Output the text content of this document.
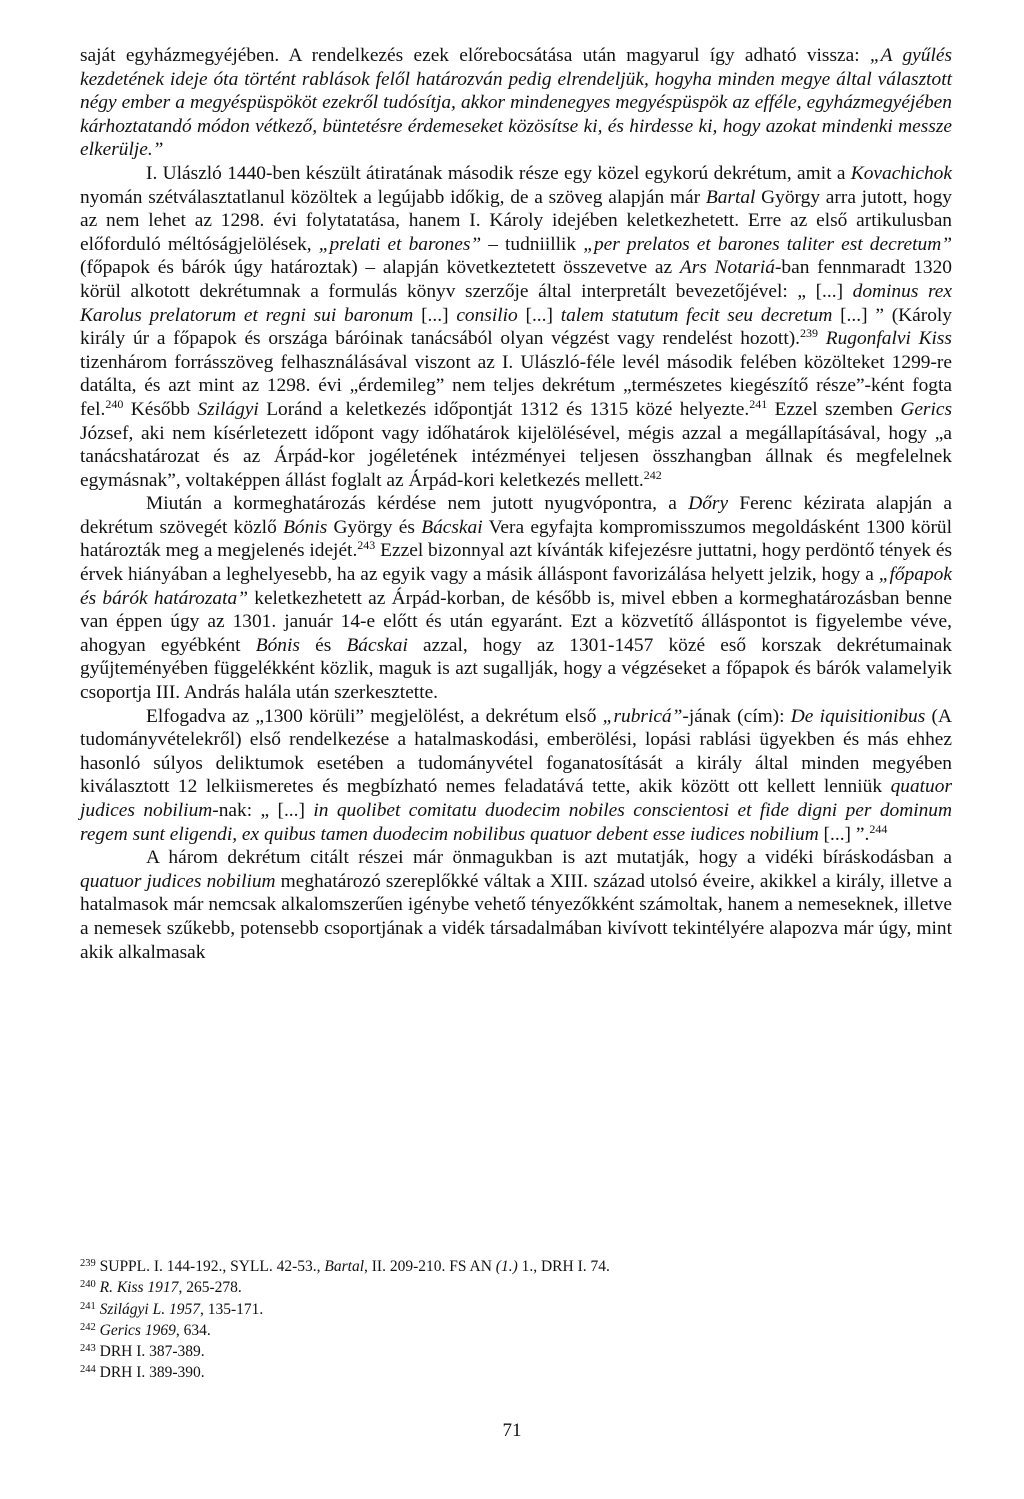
saját egyházmegyéjében. A rendelkezés ezek előrebocsátása után magyarul így adható vissza: „A gyűlés kezdetének ideje óta történt rablások felől határozván pedig elrendeljük, hogyha minden megye által választott négy ember a megyéspüspököt ezekről tudósítja, akkor mindenegyes megyéspüspök az efféle, egyházmegyéjében kárhoztatandó módon vétkező, büntetésre érdemeseket közösítse ki, és hirdesse ki, hogy azokat mindenki messze elkerülje.”

I. Ulászló 1440-ben készült átiratának második része egy közel egykorú dekrétum, amit a Kovachichok nyomán szétválasztatlanul közöltek a legújabb időkig, de a szöveg alapján már Bartal György arra jutott, hogy az nem lehet az 1298. évi folytatatása, hanem I. Károly idejében keletkezhetett. Erre az első artikulusban előforduló méltóságjelölések, „prelati et barones” – tudniillik „per prelatos et barones taliter est decretum” (főpapok és bárók úgy határoztak) – alapján következtetett összevetve az Ars Notariá-ban fennmaradt 1320 körül alkotott dekrétumnak a formulás könyv szerzője által interpretált bevezetőjével: „ [...] dominus rex Karolus prelatorum et regni sui baronum [...] consilio [...] talem statutum fecit seu decretum [...] ” (Károly király úr a főpapok és országa báróinak tanácsából olyan végzést vagy rendelést hozott).$^{239}$ Rugonfalvi Kiss tizenhárom forrásszöveg felhasználásával viszont az I. Ulászló-féle levél második felében közölteket 1299-re datálta, és azt mint az 1298. évi „érdemileg” nem teljes dekrétum „természetes kiegészítő része”-ként fogta fel.$^{240}$ Később Szilágyi Loránd a keletkezés időpontját 1312 és 1315 közé helyezte.$^{241}$ Ezzel szemben Gerics József, aki nem kísérletezett időpont vagy időhatárok kijelölésével, mégis azzal a megállapításával, hogy „a tanácshatározat és az Árpád-kor jogéletének intézményei teljesen összhangban állnak és megfelelnek egymásnak”, voltaképpen állást foglalt az Árpád-kori keletkezés mellett.$^{242}$

Miután a kormeghatározás kérdése nem jutott nyugvópontra, a Dőry Ferenc kézirata alapján a dekrétum szövegét közlő Bónis György és Bácskai Vera egyfajta kompromisszumos megoldásként 1300 körül határozták meg a megjelenés idejét.$^{243}$ Ezzel bizonnyal azt kívánták kifejezésre juttatni, hogy perdöntő tények és érvek hiányában a leghelyesebb, ha az egyik vagy a másik álláspont favorizálása helyett jelzik, hogy a „főpapok és bárók határozata” keletkezhetett az Árpád-korban, de később is, mivel ebben a kormeghatározásban benne van éppen úgy az 1301. január 14-e előtt és után egyaránt. Ezt a közvetítő álláspontot is figyelembe véve, ahogyan egyébként Bónis és Bácskai azzal, hogy az 1301-1457 közé eső korszak dekrétumainak gyűjteményében függelékként közlik, maguk is azt sugallják, hogy a végzéseket a főpapok és bárók valamelyik csoportja III. András halála után szerkesztette.

Elfogadva az „1300 körüli” megjelölést, a dekrétum első „rubricá”-jának (cím): De iquisitionibus (A tudományvételekről) első rendelkezése a hatalmaskodási, emberölési, lopási rablási ügyekben és más ehhez hasonló súlyos deliktumok esetében a tudományvétel foganatosítását a király által minden megyében kiválasztott 12 lelkiismeretes és megbízható nemes feladatává tette, akik között ott kellett lenniük quatuor judices nobilium-nak: „ [...] in quolibet comitatu duodecim nobiles conscientosi et fide digni per dominum regem sunt eligendi, ex quibus tamen duodecim nobilibus quatuor debent esse iudices nobilium [...] ”.$^{244}$

A három dekrétum citált részei már önmagukban is azt mutatják, hogy a vidéki bíráskodásban a quatuor judices nobilium meghatározó szereplőkké váltak a XIII. század utolsó éveire, akikkel a király, illetve a hatalmasok már nemcsak alkalomszerűen igénybe vehető tényezőkként számoltak, hanem a nemeseknek, illetve a nemesek szűkebb, potensebb csoportjának a vidék társadalmában kivívott tekintélyére alapozva már úgy, mint akik alkalmasak

$^{239}$ SUPPL. I. 144-192., SYLL. 42-53., Bartal, II. 209-210. FS AN (1.) 1., DRH I. 74.

$^{240}$ R. Kiss 1917, 265-278.

$^{241}$ Szilágyi L. 1957, 135-171.

$^{242}$ Gerics 1969, 634.

$^{243}$ DRH I. 387-389.

$^{244}$ DRH I. 389-390.

71
